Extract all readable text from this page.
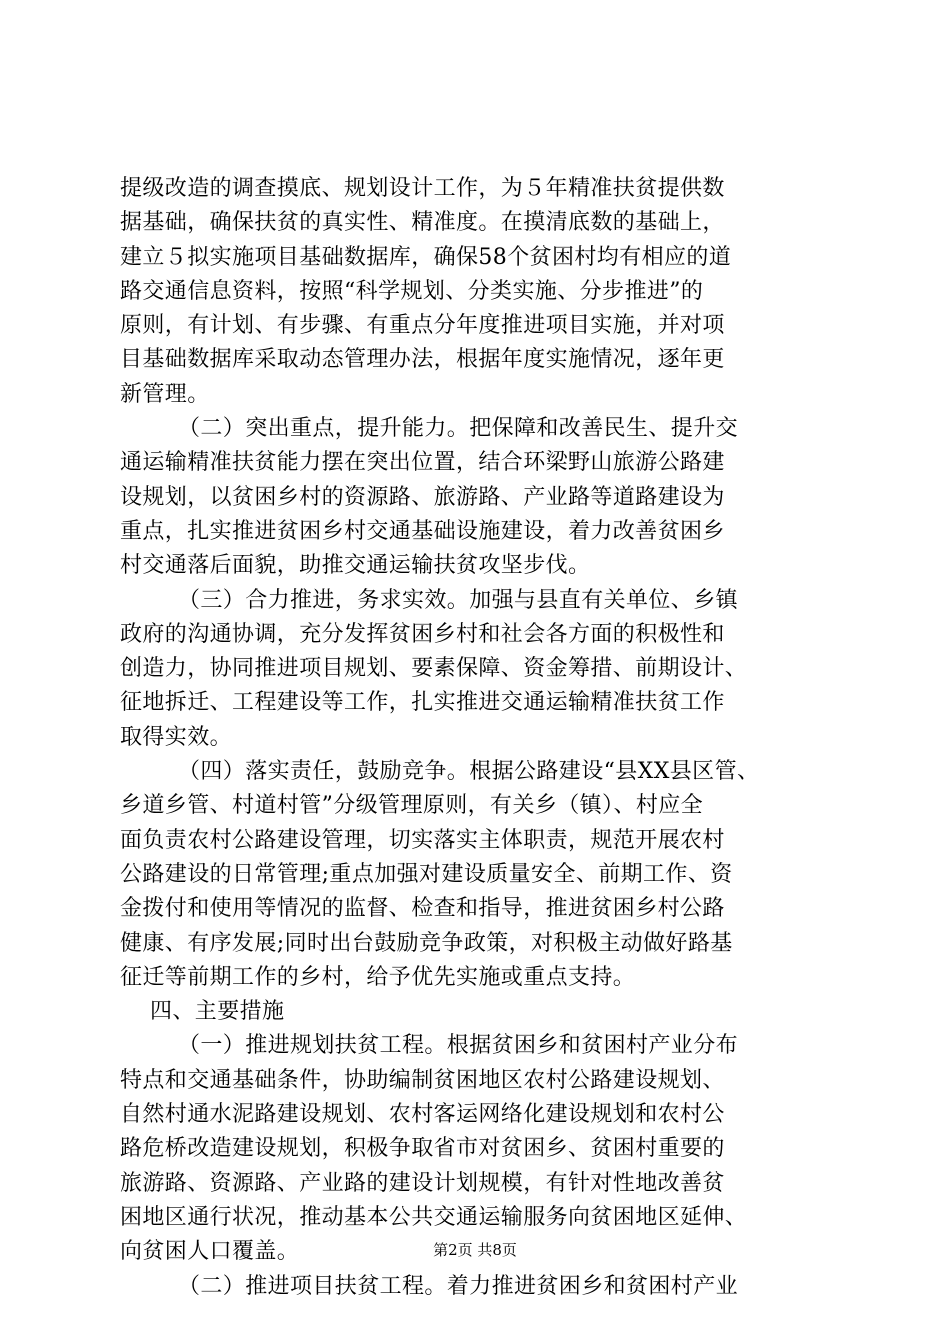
提级改造的调查摸底、规划设计工作，为５年精准扶贫提供数
据基础，确保扶贫的真实性、精准度。在摸清底数的基础上，
建立５拟实施项目基础数据库，确保58个贫困村均有相应的道
路交通信息资料，按照“科学规划、分类实施、分步推进”的
原则，有计划、有步骤、有重点分年度推进项目实施，并对项
目基础数据库采取动态管理办法，根据年度实施情况，逐年更
新管理。
（二）突出重点，提升能力。把保障和改善民生、提升交
通运输精准扶贫能力摆在突出位置，结合环梁野山旅游公路建
设规划，以贫困乡村的资源路、旅游路、产业路等道路建设为
重点，扎实推进贫困乡村交通基础设施建设，着力改善贫困乡
村交通落后面貌，助推交通运输扶贫攻坚步伐。
（三）合力推进，务求实效。加强与县直有关单位、乡镇
政府的沟通协调，充分发挥贫困乡村和社会各方面的积极性和
创造力，协同推进项目规划、要素保障、资金筹措、前期设计、
征地拆迁、工程建设等工作，扎实推进交通运输精准扶贫工作
取得实效。
（四）落实责任，鼓励竞争。根据公路建设“县XX县区管、
乡道乡管、村道村管”分级管理原则，有关乡（镇）、村应全
面负责农村公路建设管理，切实落实主体职责，规范开展农村
公路建设的日常管理;重点加强对建设质量安全、前期工作、资
金拨付和使用等情况的监督、检查和指导，推进贫困乡村公路
健康、有序发展;同时出台鼓励竞争政策，对积极主动做好路基
征迁等前期工作的乡村，给予优先实施或重点支持。
四、主要措施
（一）推进规划扶贫工程。根据贫困乡和贫困村产业分布
特点和交通基础条件，协助编制贫困地区农村公路建设规划、
自然村通水泥路建设规划、农村客运网络化建设规划和农村公
路危桥改造建设规划，积极争取省市对贫困乡、贫困村重要的
旅游路、资源路、产业路的建设计划规模，有针对性地改善贫
困地区通行状况，推动基本公共交通运输服务向贫困地区延伸、
向贫困人口覆盖。
（二）推进项目扶贫工程。着力推进贫困乡和贫困村产业
第2页 共8页
